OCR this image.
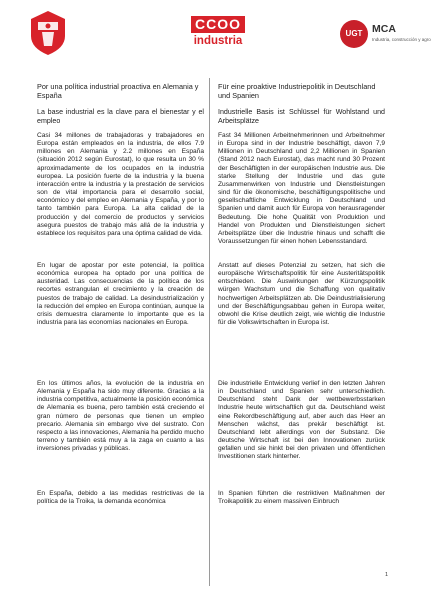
CCOO
industria
UGT MCA
Industria, construcción y agro
Por una política industrial proactiva en Alemania y España
La base industrial es la clave para el bienestar y el empleo
Casi 34 millones de trabajadoras y trabajadores en Europa están empleados en la industria, de ellos 7.9 millones en Alemania y 2.2 millones en España (situación 2012 según Eurostat), lo que resulta un 30 % aproximadamente de los ocupados en la industria europea. La posición fuerte de la industria y la buena interacción entre la industria y la prestación de servicios son de vital importancia para el desarrollo social, económico y del empleo en Alemania y España, y por lo tanto también para Europa. La alta calidad de la producción y del comercio de productos y servicios asegura puestos de trabajo más allá de la industria y establece los requisitos para una óptima calidad de vida.
En lugar de apostar por este potencial, la política económica europea ha optado por una política de austeridad. Las consecuencias de la política de los recortes estrangulan el crecimiento y la creación de puestos de trabajo de calidad. La desindustrialización y la reducción del empleo en Europa continúan, aunque la crisis demuestra claramente lo importante que es la industria para las economías nacionales en Europa.
En los últimos años, la evolución de la industria en Alemania y España ha sido muy diferente. Gracias a la industria competitiva, actualmente la posición económica de Alemania es buena, pero también está creciendo el gran número de personas que tienen un empleo precario. Alemania sin embargo vive del sustrato. Con respecto a las innovaciones, Alemania ha perdido mucho terreno y también está muy a la zaga en cuanto a las inversiones privadas y públicas.
En España, debido a las medidas restrictivas de la política de la Troika, la demanda económica
Für eine proaktive Industriepolitik in Deutschland und Spanien
Industrielle Basis ist Schlüssel für Wohlstand und Arbeitsplätze
Fast 34 Millionen Arbeitnehmerinnen und Arbeitnehmer in Europa sind in der Industrie beschäftigt, davon 7,9 Millionen in Deutschland und 2,2 Millionen in Spanien (Stand 2012 nach Eurostat), das macht rund 30 Prozent der Beschäftigten in der europäischen Industrie aus. Die starke Stellung der Industrie und das gute Zusammenwirken von Industrie und Dienstleistungen sind für die ökonomische, beschäftigungspolitische und gesellschaftliche Entwicklung in Deutschland und Spanien und damit auch für Europa von herausragender Bedeutung. Die hohe Qualität von Produktion und Handel von Produkten und Dienstleistungen sichert Arbeitsplätze über die Industrie hinaus und schafft die Voraussetzungen für einen hohen Lebensstandard.
Anstatt auf dieses Potenzial zu setzen, hat sich die europäische Wirtschaftspolitik für eine Austeritätspolitik entschieden. Die Auswirkungen der Kürzungspolitik würgen Wachstum und die Schaffung von qualitativ hochwertigen Arbeitsplätzen ab. Die Deindustrialisierung und der Beschäftigungsabbau gehen in Europa weiter, obwohl die Krise deutlich zeigt, wie wichtig die Industrie für die Volkswirtschaften in Europa ist.
Die industrielle Entwicklung verlief in den letzten Jahren in Deutschland und Spanien sehr unterschiedlich. Deutschland steht Dank der wettbewerbsstarken Industrie heute wirtschaftlich gut da. Deutschland weist eine Rekordbeschäftigung auf, aber auch das Heer an Menschen wächst, das prekär beschäftigt ist. Deutschland lebt allerdings von der Substanz. Die deutsche Wirtschaft ist bei den Innovationen zurück gefallen und sie hinkt bei den privaten und öffentlichen Investitionen stark hinterher.
In Spanien führten die restriktiven Maßnahmen der Troikapolitik zu einem massiven Einbruch
1
